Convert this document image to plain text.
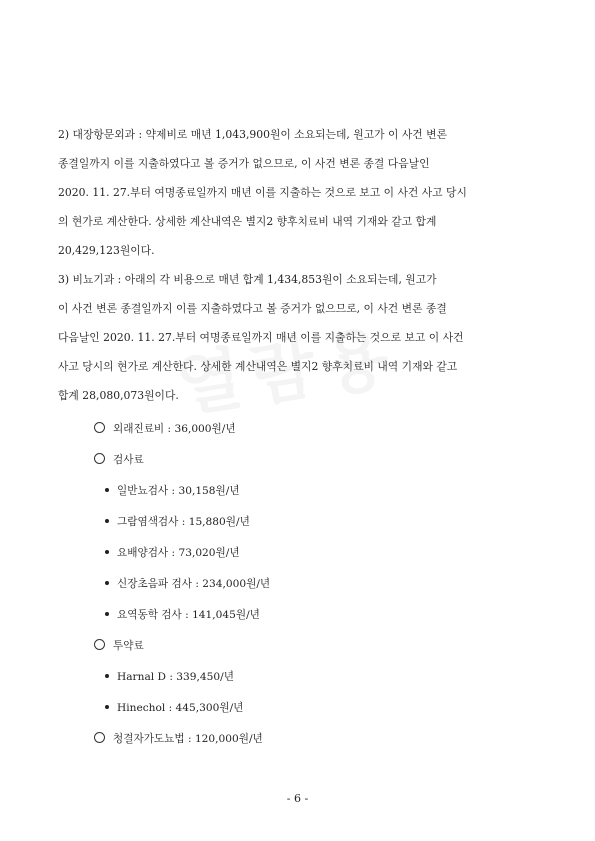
2) 대장항문외과 : 약제비로 매년 1,043,900원이 소요되는데, 원고가 이 사건 변론
종결일까지 이를 지출하였다고 볼 증거가 없으므로, 이 사건 변론 종결 다음날인
2020. 11. 27.부터 여명종료일까지 매년 이를 지출하는 것으로 보고 이 사건 사고 당시
의 현가로 계산한다. 상세한 계산내역은 별지2 향후치료비 내역 기재와 같고 합계
20,429,123원이다.
3) 비뇨기과 : 아래의 각 비용으로 매년 합계 1,434,853원이 소요되는데, 원고가
이 사건 변론 종결일까지 이를 지출하였다고 볼 증거가 없으므로, 이 사건 변론 종결
다음날인 2020. 11. 27.부터 여명종료일까지 매년 이를 지출하는 것으로 보고 이 사건
사고 당시의 현가로 계산한다. 상세한 계산내역은 별지2 향후치료비 내역 기재와 같고
합계 28,080,073원이다.
외래진료비 : 36,000원/년
검사료
일반뇨검사 : 30,158원/년
그람염색검사 : 15,880원/년
요배양검사 : 73,020원/년
신장초음파 검사 : 234,000원/년
요역동학 검사 : 141,045원/년
투약료
Harnal D : 339,450/년
Hinechol : 445,300원/년
청결자가도뇨법 : 120,000원/년
- 6 -
